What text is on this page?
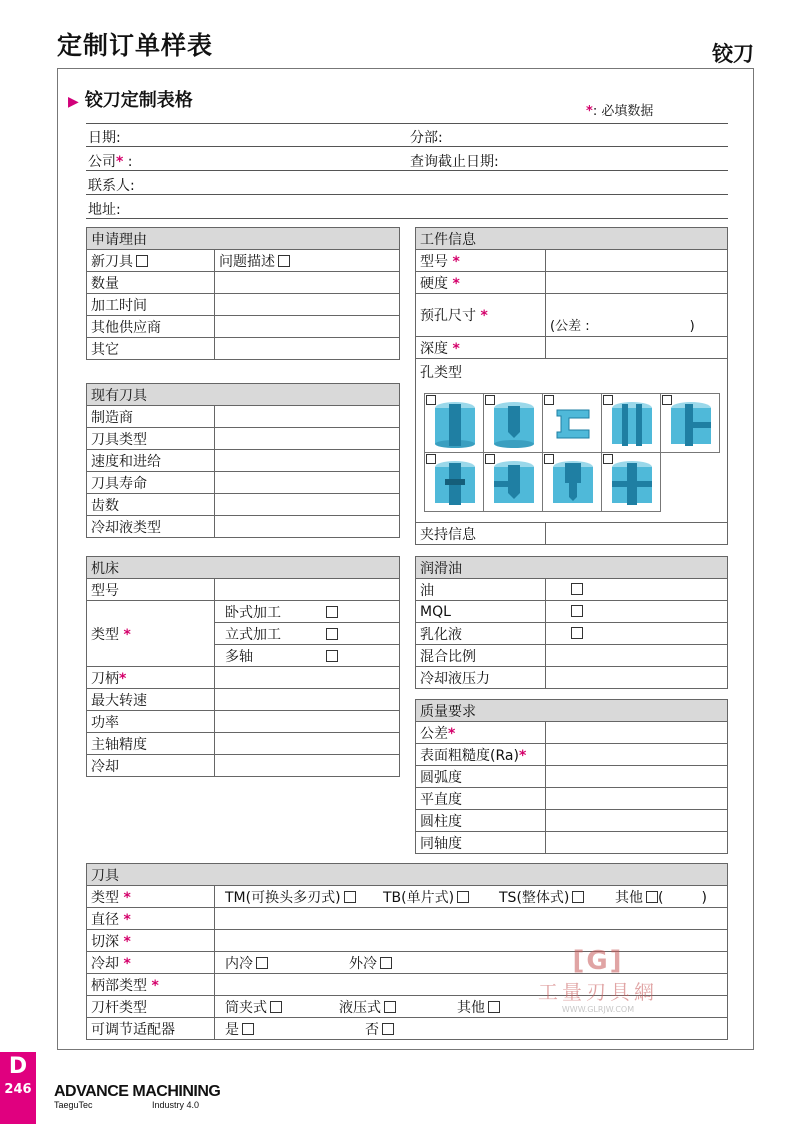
定制订单样表	铰刀
▶ 铰刀定制表格
*: 必填数据
日期:	分部:
公司* :	查询截止日期:
联系人:
地址:
申请理由	
新刀具	问题描述
数量	
加工时间	
其他供应商	
其它	
现有刀具	
制造商	
刀具类型	
速度和进给	
刀具寿命	
齿数	
冷却液类型	
机床	
型号	
类型 *	卧式加工
	立式加工
	多轴
刀柄*	
最大转速	
功率	
主轴精度	
冷却	
工件信息	
型号 *	
硬度 *	
预孔尺寸 *	(公差 : )
深度 *	
孔类型	
夹持信息	
润滑油	
油	
MQL	
乳化液	
混合比例	
冷却液压力	
质量要求	
公差*	
表面粗糙度(Ra)*	
圆弧度	
平直度	
圆柱度	
同轴度	
刀具	
类型 *	TM(可换头多刃式) TB(单片式) TS(整体式) 其他 ( )
直径 *	
切深 *	
冷却 *	内冷 外冷
柄部类型 *	
刀杆类型	筒夹式 液压式 其他
可调节适配器	是 否
[G]
工量刃具網
WWW.GLRJW.COM
D
246 ADVANCE MACHINING
TaeguTec	Industry 4.0
